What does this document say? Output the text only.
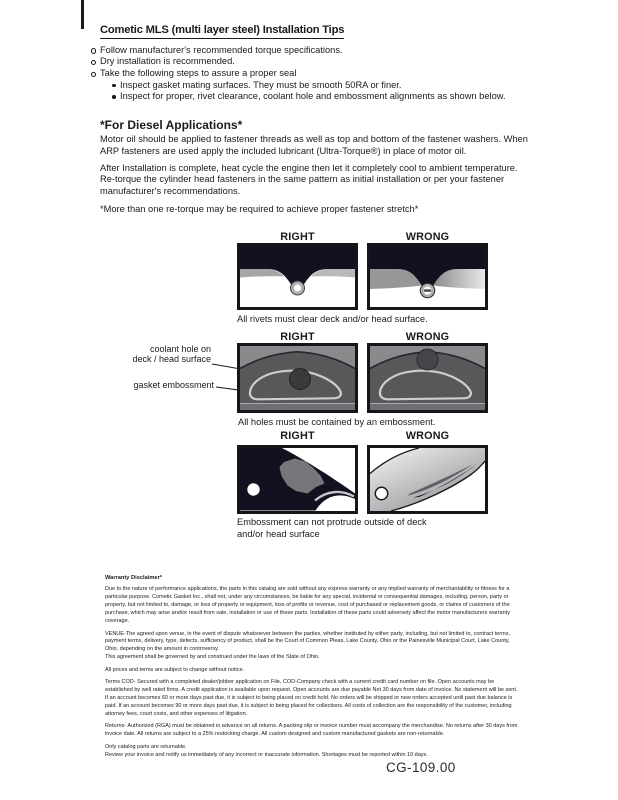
Cometic MLS (multi layer steel) Installation Tips
Follow manufacturer's recommended torque specifications.
Dry installation is recommended.
Take the following steps to assure a proper seal
Inspect gasket mating surfaces. They must be smooth 50RA or finer.
Inspect for proper, rivet clearance, coolant hole and embossment alignments as shown below.
*For Diesel Applications*

Motor oil should be applied to fastener threads as well as top and bottom of the fastener washers. When ARP fasteners are used apply the included lubricant (Ultra-Torque®) in place of motor oil.

After Installation is complete, heat cycle the engine then let it completely cool to ambient temperature. Re-torque the cylinder head fasteners in the same pattern as initial installation or per your fastener manufacturer's recommendations.

*More than one re-torque may be required to achieve proper fastener stretch*

RIGHT	WRONG
All rivets must clear deck and/or head surface.
RIGHT	WRONG
coolant hole on
deck / head surface
gasket embossment
All holes must be contained by an embossment.
RIGHT	WRONG
Embossment can not protrude outside of deck
and/or head surface
Warranty Disclaimer*

Due to the nature of performance applications, the parts in this catalog are sold without any express warranty or any implied warranty of merchantability or fitness for a particular purpose. Cometic Gasket Inc., shall not, under any circumstances, be liable for any special, incidental or consequential damages, including, person, party or property, but not limited to, damage, or loss of property or equipment, loss of profits or revenue, cost of purchased or replacement goods, or claims of customers of the purchase, which may arise and/or result from sale, installation or use of these parts. Installation of these parts could adversely affect the motor manufacturers warranty coverage.

VENUE-The agreed upon venue, in the event of dispute whatsoever between the parties, whether instituted by either party, including, but not limited to, contract terms, payment terms, delivery, type, defects, sufficiency of product, shall be the Court of Common Pleas, Lake County, Ohio or the Painesville Municipal Court, Lake County, Ohio, depending on the amount in controversy.
This agreement shall be governed by and construed under the laws of the State of Ohio.

All prices and terms are subject to change without notice.

Terms COD- Secured with a completed dealer/jobber application on File, COD-Company check with a current credit card number on file. Open accounts may be established by well rated firms. A credit application is available upon request. Open accounts are due payable Net 30 days from date of invoice. No statement will be sent. If an account becomes 60 or more days past due, it is subject to being placed on credit hold. No orders will be shipped or new orders accepted until past due balance is paid. If an account becomes 90 or more days past due, it is subject to being placed for collections. All costs of collection are the responsibility of the customer, including attorney fees, court costs, and other expenses of litigation.

Returns- Authorized (RGA) must be obtained in advance on all returns. A packing slip or invoice number must accompany the merchandise. No returns after 30 days from invoice date. All returns are subject to a 25% restocking charge. All custom designed and custom manufactured gaskets are non-returnable.

Only catalog parts are returnable.
Review your invoice and notify us immediately of any incorrect or inaccurate information. Shortages must be reported within 10 days.

CG-109.00
